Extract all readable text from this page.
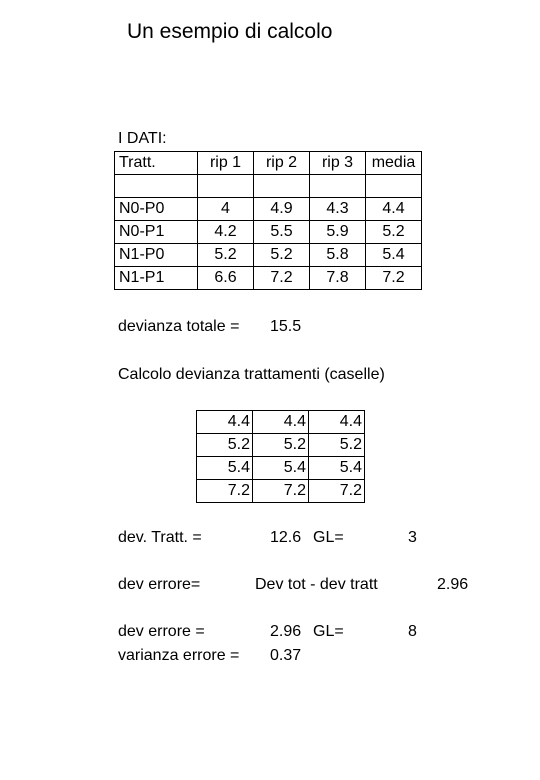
Un esempio di calcolo
I DATI:
Tratt.	rip 1	rip 2	rip 3	media

N0-P0	4	4.9	4.3	4.4
N0-P1	4.2	5.5	5.9	5.2
N1-P0	5.2	5.2	5.8	5.4
N1-P1	6.6	7.2	7.8	7.2
devianza totale = 15.5
Calcolo devianza trattamenti (caselle)
4.4	4.4	4.4
5.2	5.2	5.2
5.4	5.4	5.4
7.2	7.2	7.2
dev. Tratt. =	12.6 GL=	3
dev errore=	Dev tot - dev tratt	2.96
dev errore =	2.96 GL=	8
varianza errore = 0.37
